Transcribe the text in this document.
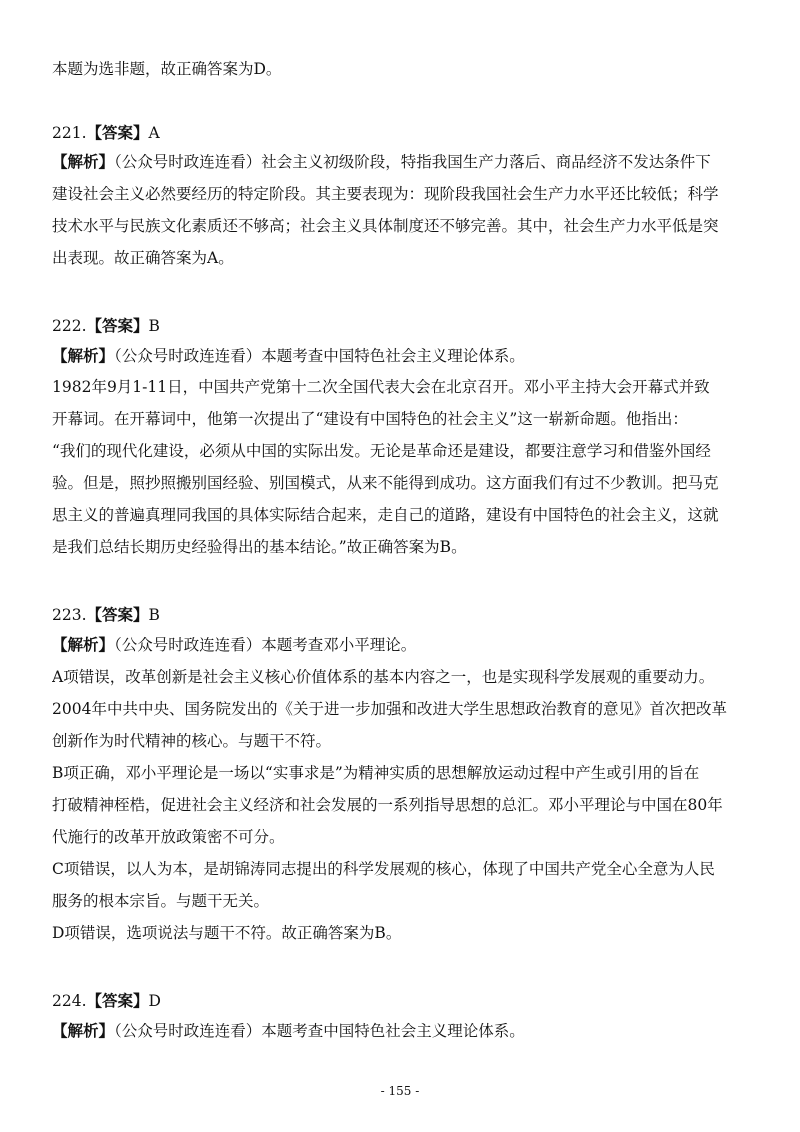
本题为选非题，故正确答案为D。
221.【答案】A
【解析】（公众号时政连连看）社会主义初级阶段，特指我国生产力落后、商品经济不发达条件下
建设社会主义必然要经历的特定阶段。其主要表现为：现阶段我国社会生产力水平还比较低；科学
技术水平与民族文化素质还不够高；社会主义具体制度还不够完善。其中，社会生产力水平低是突
出表现。故正确答案为A。
222.【答案】B
【解析】（公众号时政连连看）本题考查中国特色社会主义理论体系。
1982年9月1-11日，中国共产党第十二次全国代表大会在北京召开。邓小平主持大会开幕式并致
开幕词。在开幕词中，他第一次提出了“建设有中国特色的社会主义”这一崭新命题。他指出：
“我们的现代化建设，必须从中国的实际出发。无论是革命还是建设，都要注意学习和借鉴外国经
验。但是，照抄照搬别国经验、别国模式，从来不能得到成功。这方面我们有过不少教训。把马克
思主义的普遍真理同我国的具体实际结合起来，走自己的道路，建设有中国特色的社会主义，这就
是我们总结长期历史经验得出的基本结论。”故正确答案为B。
223.【答案】B
【解析】（公众号时政连连看）本题考查邓小平理论。
A项错误，改革创新是社会主义核心价值体系的基本内容之一，也是实现科学发展观的重要动力。
2004年中共中央、国务院发出的《关于进一步加强和改进大学生思想政治教育的意见》首次把改革
创新作为时代精神的核心。与题干不符。
B项正确，邓小平理论是一场以“实事求是”为精神实质的思想解放运动过程中产生或引用的旨在
打破精神桎梏，促进社会主义经济和社会发展的一系列指导思想的总汇。邓小平理论与中国在80年
代施行的改革开放政策密不可分。
C项错误，以人为本，是胡锦涛同志提出的科学发展观的核心，体现了中国共产党全心全意为人民
服务的根本宗旨。与题干无关。
D项错误，选项说法与题干不符。故正确答案为B。
224.【答案】D
【解析】（公众号时政连连看）本题考查中国特色社会主义理论体系。
- 155 -
